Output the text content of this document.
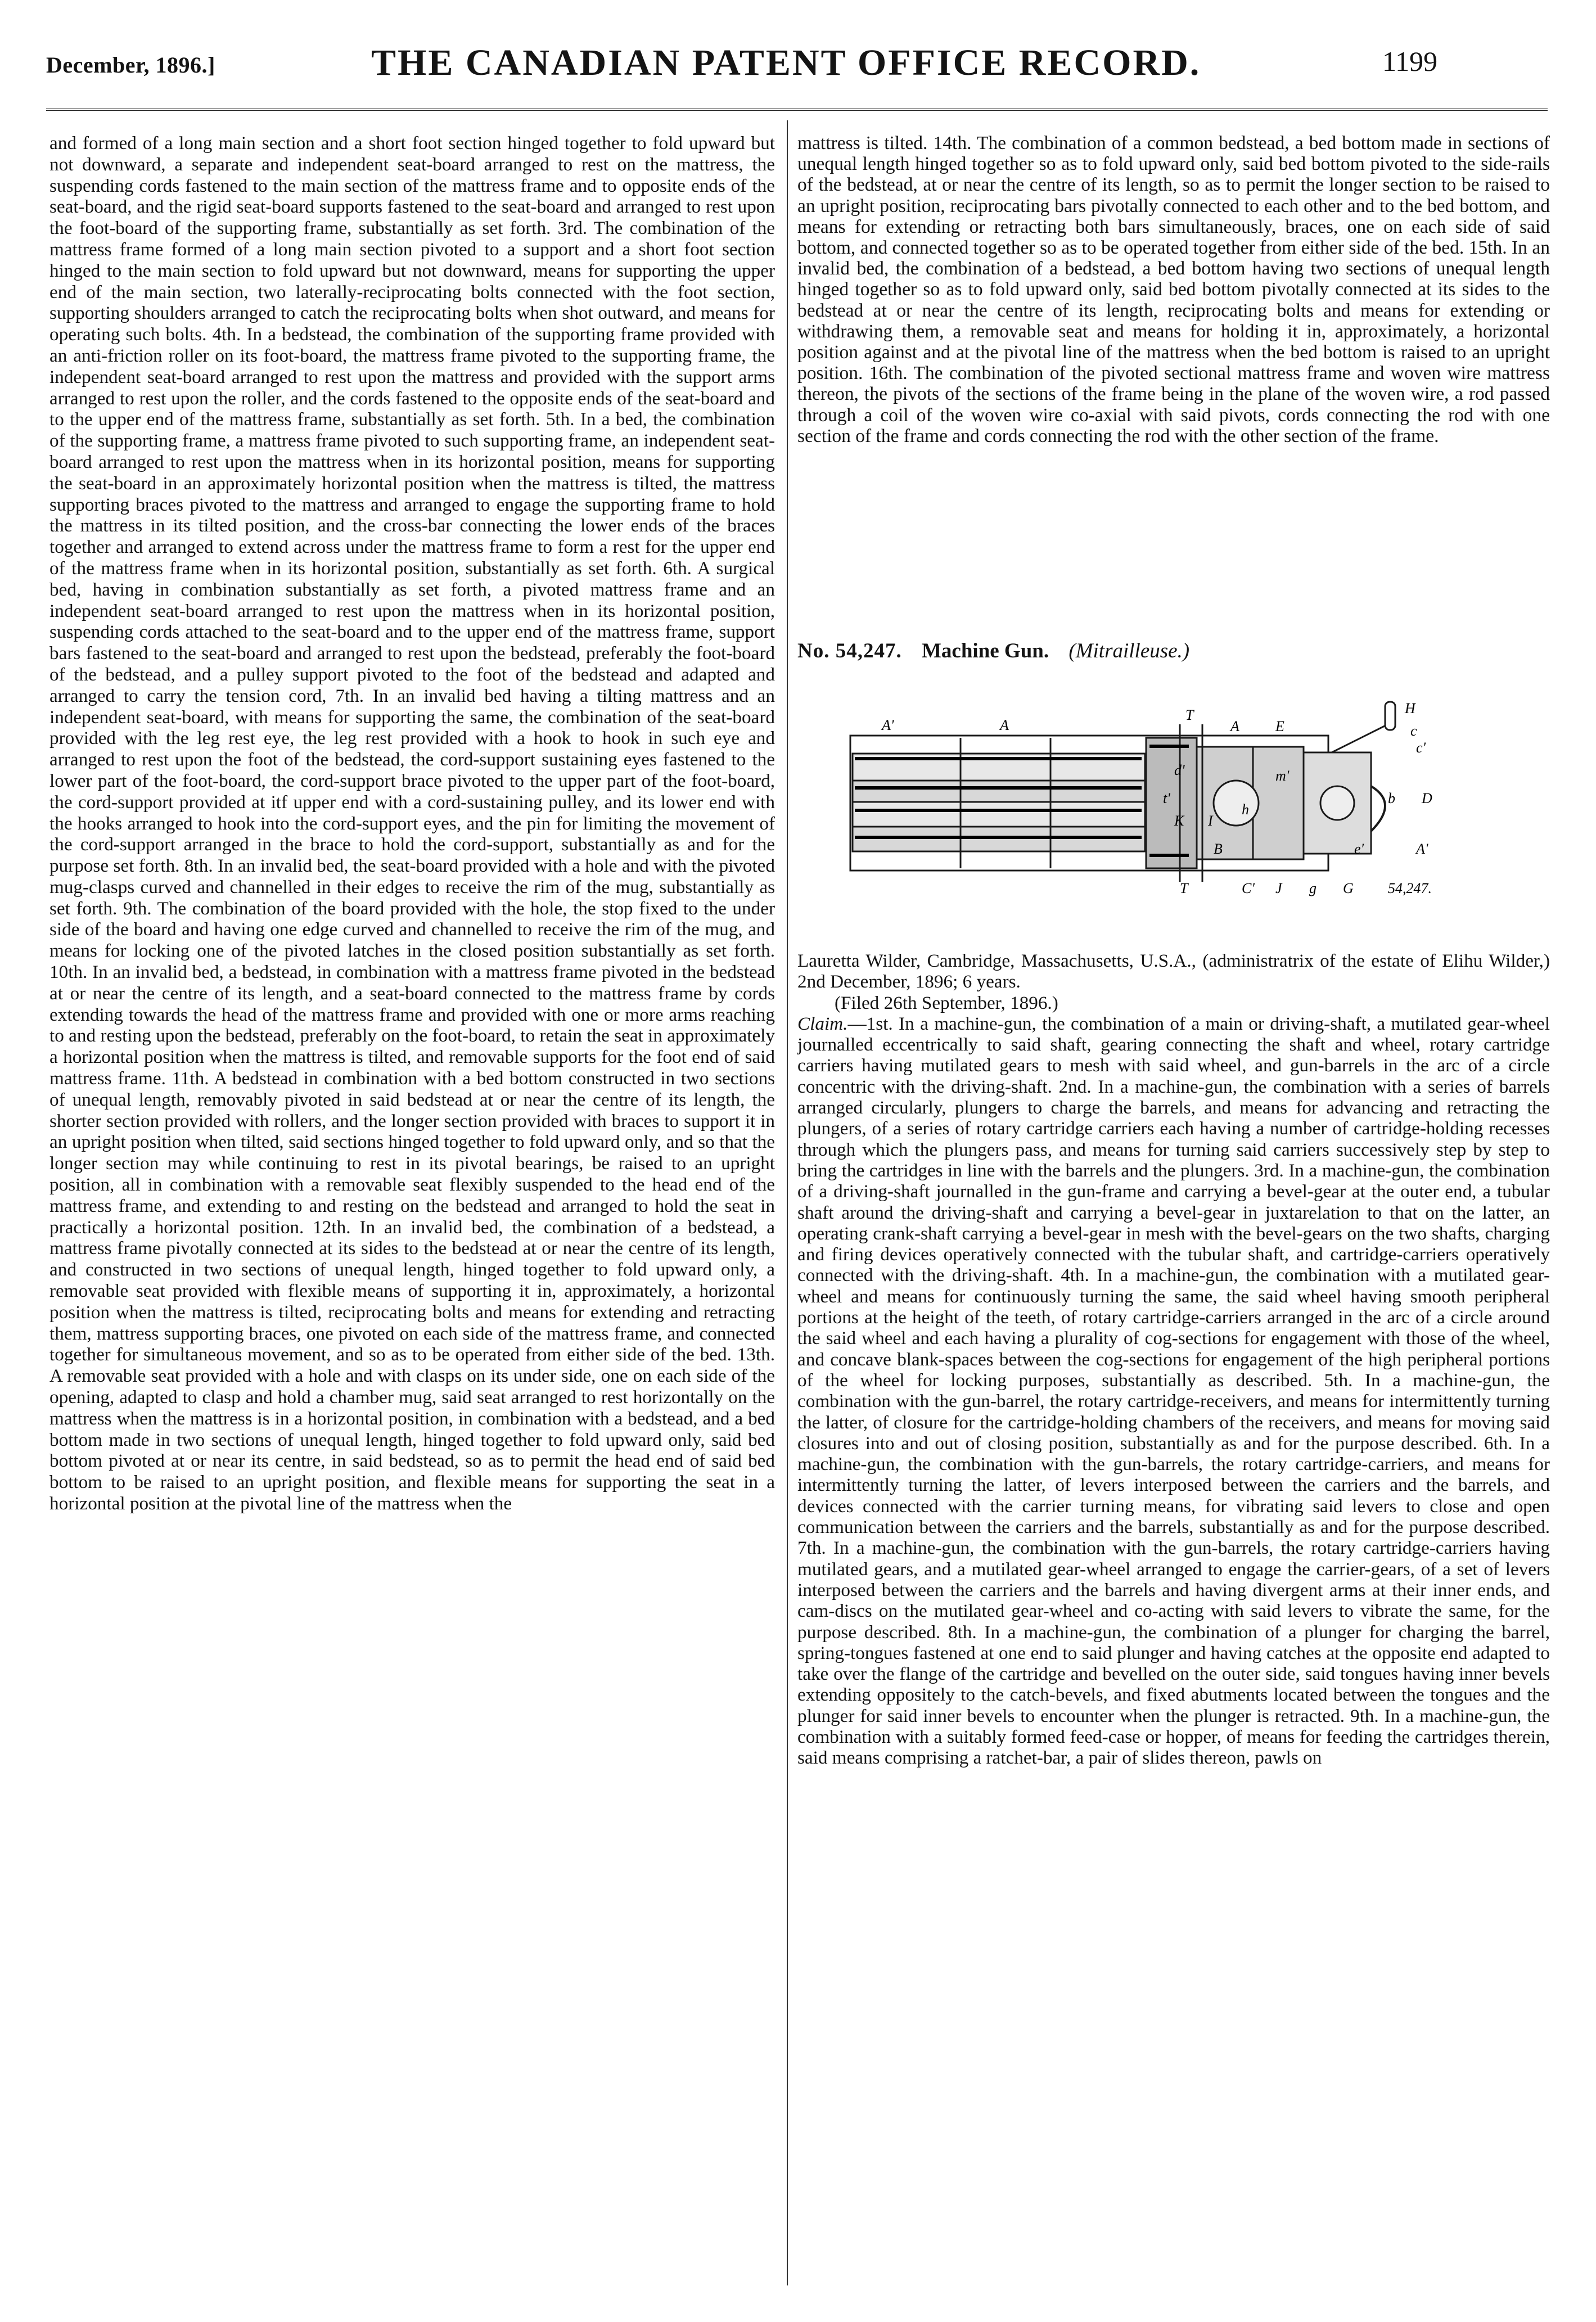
December, 1896.]	THE CANADIAN PATENT OFFICE RECORD.	1199

and formed of a long main section and a short foot section hinged together to fold upward but not downward, a separate and independent seat-board arranged to rest on the mattress, the suspending cords fastened to the main section of the mattress frame and to opposite ends of the seat-board, and the rigid seat-board supports fastened to the seat-board and arranged to rest upon the foot-board of the supporting frame, substantially as set forth. 3rd. The combination of the mattress frame formed of a long main section pivoted to a support and a short foot section hinged to the main section to fold upward but not downward, means for supporting the upper end of the main section, two laterally-reciprocating bolts connected with the foot section, supporting shoulders arranged to catch the reciprocating bolts when shot outward, and means for operating such bolts. 4th. In a bedstead, the combination of the supporting frame provided with an anti-friction roller on its foot-board, the mattress frame pivoted to the supporting frame, the independent seat-board arranged to rest upon the mattress and provided with the support arms arranged to rest upon the roller, and the cords fastened to the opposite ends of the seat-board and to the upper end of the mattress frame, substantially as set forth. 5th. In a bed, the combination of the supporting frame, a mattress frame pivoted to such supporting frame, an independent seat-board arranged to rest upon the mattress when in its horizontal position, means for supporting the seat-board in an approximately horizontal position when the mattress is tilted, the mattress supporting braces pivoted to the mattress and arranged to engage the supporting frame to hold the mattress in its tilted position, and the cross-bar connecting the lower ends of the braces together and arranged to extend across under the mattress frame to form a rest for the upper end of the mattress frame when in its horizontal position, substantially as set forth. 6th. A surgical bed, having in combination substantially as set forth, a pivoted mattress frame and an independent seat-board arranged to rest upon the mattress when in its horizontal position, suspending cords attached to the seat-board and to the upper end of the mattress frame, support bars fastened to the seat-board and arranged to rest upon the bedstead, preferably the foot-board of the bedstead, and a pulley support pivoted to the foot of the bedstead and adapted and arranged to carry the tension cord, 7th. In an invalid bed having a tilting mattress and an independent seat-board, with means for supporting the same, the combination of the seat-board provided with the leg rest eye, the leg rest provided with a hook to hook in such eye and arranged to rest upon the foot of the bedstead, the cord-support sustaining eyes fastened to the lower part of the foot-board, the cord-support brace pivoted to the upper part of the foot-board, the cord-support provided at itf upper end with a cord-sustaining pulley, and its lower end with the hooks arranged to hook into the cord-support eyes, and the pin for limiting the movement of the cord-support arranged in the brace to hold the cord-support, substantially as and for the purpose set forth. 8th. In an invalid bed, the seat-board provided with a hole and with the pivoted mug-clasps curved and channelled in their edges to receive the rim of the mug, substantially as set forth. 9th. The combination of the board provided with the hole, the stop fixed to the under side of the board and having one edge curved and channelled to receive the rim of the mug, and means for locking one of the pivoted latches in the closed position substantially as set forth. 10th. In an invalid bed, a bedstead, in combination with a mattress frame pivoted in the bedstead at or near the centre of its length, and a seat-board connected to the mattress frame by cords extending towards the head of the mattress frame and provided with one or more arms reaching to and resting upon the bedstead, preferably on the foot-board, to retain the seat in approximately a horizontal position when the mattress is tilted, and removable supports for the foot end of said mattress frame. 11th. A bedstead in combination with a bed bottom constructed in two sections of unequal length, removably pivoted in said bedstead at or near the centre of its length, the shorter section provided with rollers, and the longer section provided with braces to support it in an upright position when tilted, said sections hinged together to fold upward only, and so that the longer section may while continuing to rest in its pivotal bearings, be raised to an upright position, all in combination with a removable seat flexibly suspended to the head end of the mattress frame, and extending to and resting on the bedstead and arranged to hold the seat in practically a horizontal position. 12th. In an invalid bed, the combination of a bedstead, a mattress frame pivotally connected at its sides to the bedstead at or near the centre of its length, and constructed in two sections of unequal length, hinged together to fold upward only, a removable seat provided with flexible means of supporting it in, approximately, a horizontal position when the mattress is tilted, reciprocating bolts and means for extending and retracting them, mattress supporting braces, one pivoted on each side of the mattress frame, and connected together for simultaneous movement, and so as to be operated from either side of the bed. 13th. A removable seat provided with a hole and with clasps on its under side, one on each side of the opening, adapted to clasp and hold a chamber mug, said seat arranged to rest horizontally on the mattress when the mattress is in a horizontal position, in combination with a bedstead, and a bed bottom made in two sections of unequal length, hinged together to fold upward only, said bed bottom pivoted at or near its centre, in said bedstead, so as to permit the head end of said bed bottom to be raised to an upright position, and flexible means for supporting the seat in a horizontal position at the pivotal line of the mattress when the

mattress is tilted. 14th. The combination of a common bedstead, a bed bottom made in sections of unequal length hinged together so as to fold upward only, said bed bottom pivoted to the side-rails of the bedstead, at or near the centre of its length, so as to permit the longer section to be raised to an upright position, reciprocating bars pivotally connected to each other and to the bed bottom, and means for extending or retracting both bars simultaneously, braces, one on each side of said bottom, and connected together so as to be operated together from either side of the bed. 15th. In an invalid bed, the combination of a bedstead, a bed bottom having two sections of unequal length hinged together so as to fold upward only, said bed bottom pivotally connected at its sides to the bedstead at or near the centre of its length, reciprocating bolts and means for extending or withdrawing them, a removable seat and means for holding it in, approximately, a horizontal position against and at the pivotal line of the mattress when the bed bottom is raised to an upright position. 16th. The combination of the pivoted sectional mattress frame and woven wire mattress thereon, the pivots of the sections of the frame being in the plane of the woven wire, a rod passed through a coil of the woven wire co-axial with said pivots, cords connecting the rod with one section of the frame and cords connecting the rod with the other section of the frame.

No. 54,247. Machine Gun. (Mitrailleuse.)
A'	A
T
A E
H
c
c'
d'
t'
K
D
I
h
m'
B	e'
b
A'
T	C' J g G 54,247.

Lauretta Wilder, Cambridge, Massachusetts, U.S.A., (administratrix of the estate of Elihu Wilder,) 2nd December, 1896; 6 years.

(Filed 26th September, 1896.)

Claim.—1st. In a machine-gun, the combination of a main or driving-shaft, a mutilated gear-wheel journalled eccentrically to said shaft, gearing connecting the shaft and wheel, rotary cartridge carriers having mutilated gears to mesh with said wheel, and gun-barrels in the arc of a circle concentric with the driving-shaft. 2nd. In a machine-gun, the combination with a series of barrels arranged circularly, plungers to charge the barrels, and means for advancing and retracting the plungers, of a series of rotary cartridge carriers each having a number of cartridge-holding recesses through which the plungers pass, and means for turning said carriers successively step by step to bring the cartridges in line with the barrels and the plungers. 3rd. In a machine-gun, the combination of a driving-shaft journalled in the gun-frame and carrying a bevel-gear at the outer end, a tubular shaft around the driving-shaft and carrying a bevel-gear in juxtarelation to that on the latter, an operating crank-shaft carrying a bevel-gear in mesh with the bevel-gears on the two shafts, charging and firing devices operatively connected with the tubular shaft, and cartridge-carriers operatively connected with the driving-shaft. 4th. In a machine-gun, the combination with a mutilated gear-wheel and means for continuously turning the same, the said wheel having smooth peripheral portions at the height of the teeth, of rotary cartridge-carriers arranged in the arc of a circle around the said wheel and each having a plurality of cog-sections for engagement with those of the wheel, and concave blank-spaces between the cog-sections for engagement of the high peripheral portions of the wheel for locking purposes, substantially as described. 5th. In a machine-gun, the combination with the gun-barrel, the rotary cartridge-receivers, and means for intermittently turning the latter, of closure for the cartridge-holding chambers of the receivers, and means for moving said closures into and out of closing position, substantially as and for the purpose described. 6th. In a machine-gun, the combination with the gun-barrels, the rotary cartridge-carriers, and means for intermittently turning the latter, of levers interposed between the carriers and the barrels, and devices connected with the carrier turning means, for vibrating said levers to close and open communication between the carriers and the barrels, substantially as and for the purpose described. 7th. In a machine-gun, the combination with the gun-barrels, the rotary cartridge-carriers having mutilated gears, and a mutilated gear-wheel arranged to engage the carrier-gears, of a set of levers interposed between the carriers and the barrels and having divergent arms at their inner ends, and cam-discs on the mutilated gear-wheel and co-acting with said levers to vibrate the same, for the purpose described. 8th. In a machine-gun, the combination of a plunger for charging the barrel, spring-tongues fastened at one end to said plunger and having catches at the opposite end adapted to take over the flange of the cartridge and bevelled on the outer side, said tongues having inner bevels extending oppositely to the catch-bevels, and fixed abutments located between the tongues and the plunger for said inner bevels to encounter when the plunger is retracted. 9th. In a machine-gun, the combination with a suitably formed feed-case or hopper, of means for feeding the cartridges therein, said means comprising a ratchet-bar, a pair of slides thereon, pawls on
